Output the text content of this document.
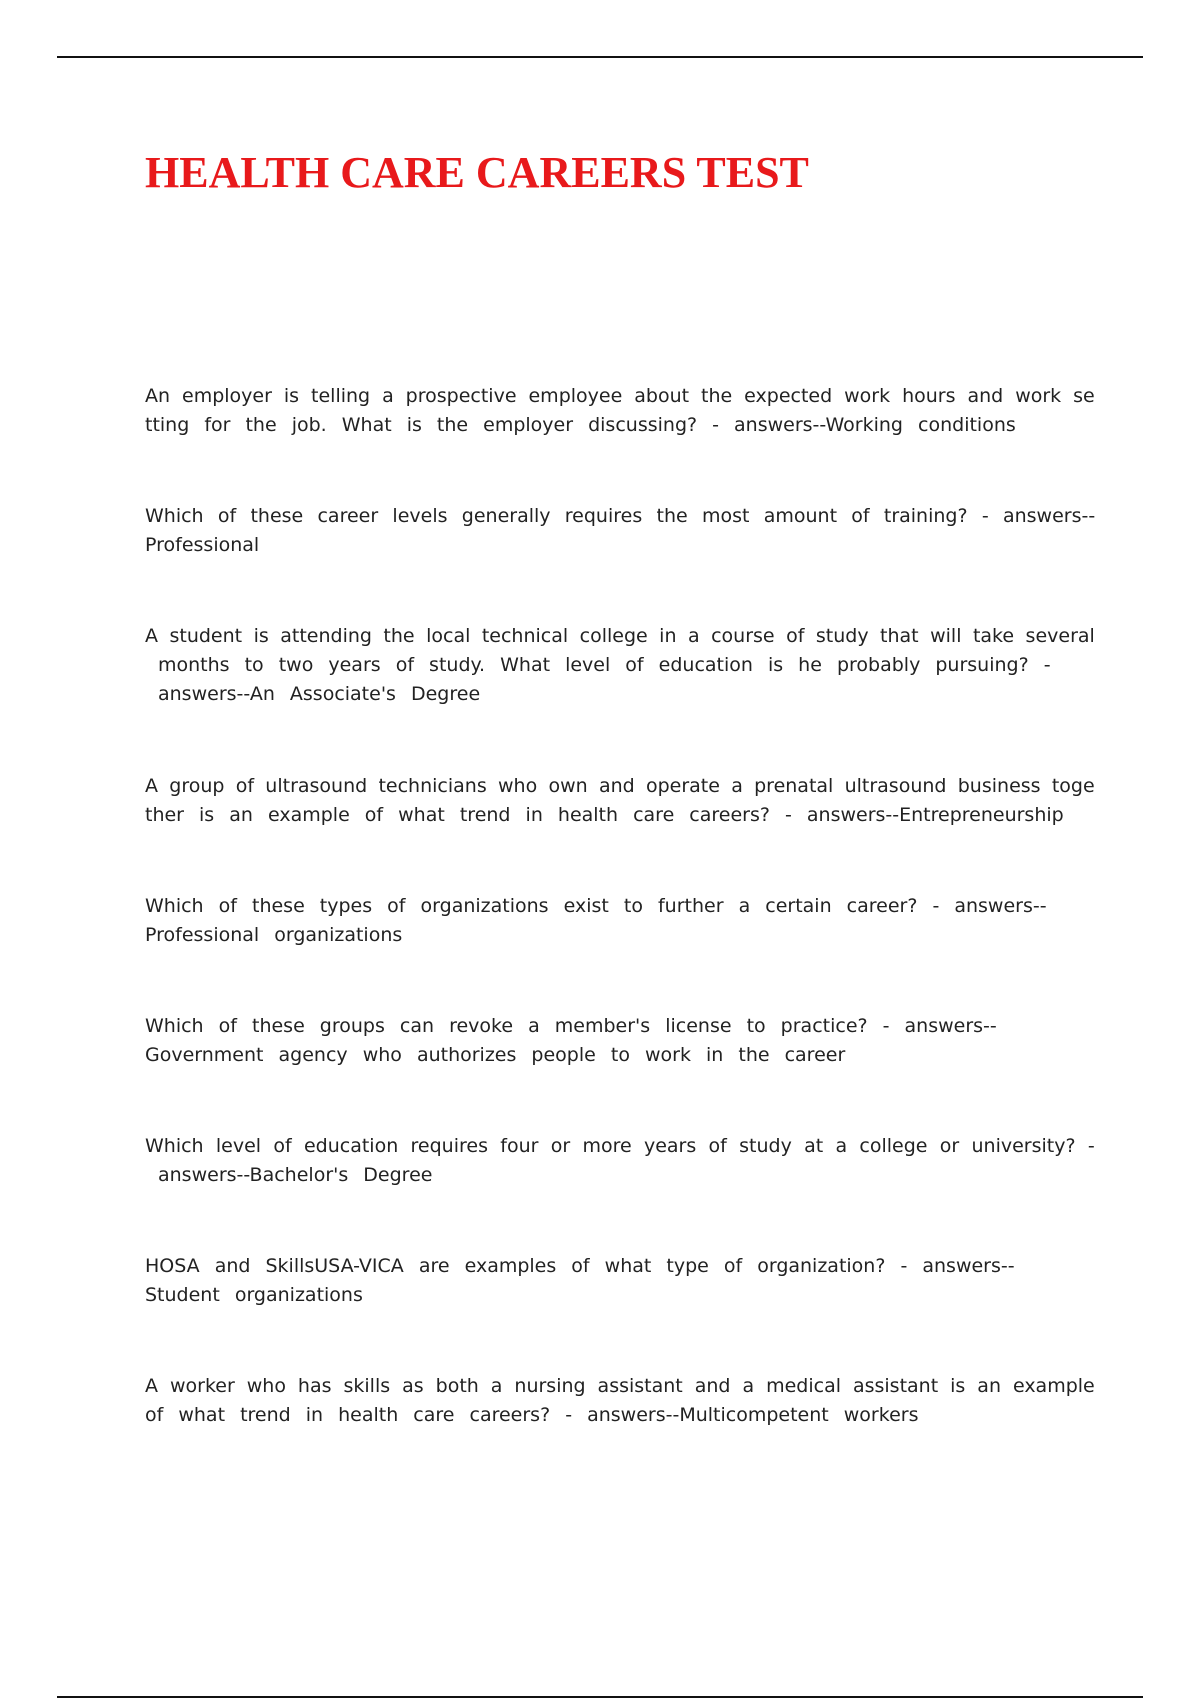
HEALTH CARE CAREERS TEST
An employer is telling a prospective employee about the expected work hours and work se
tting for the job. What is the employer discussing? - answers--Working conditions
Which of these career levels generally requires the most amount of training? - answers--
Professional
A student is attending the local technical college in a course of study that will take several
months to two years of study. What level of education is he probably pursuing? -
answers--An Associate's Degree
A group of ultrasound technicians who own and operate a prenatal ultrasound business toge
ther is an example of what trend in health care careers? - answers--Entrepreneurship
Which of these types of organizations exist to further a certain career? - answers--
Professional organizations
Which of these groups can revoke a member's license to practice? - answers--
Government agency who authorizes people to work in the career
Which level of education requires four or more years of study at a college or university? -
answers--Bachelor's Degree
HOSA and SkillsUSA-VICA are examples of what type of organization? - answers--
Student organizations
A worker who has skills as both a nursing assistant and a medical assistant is an example
of what trend in health care careers? - answers--Multicompetent workers
